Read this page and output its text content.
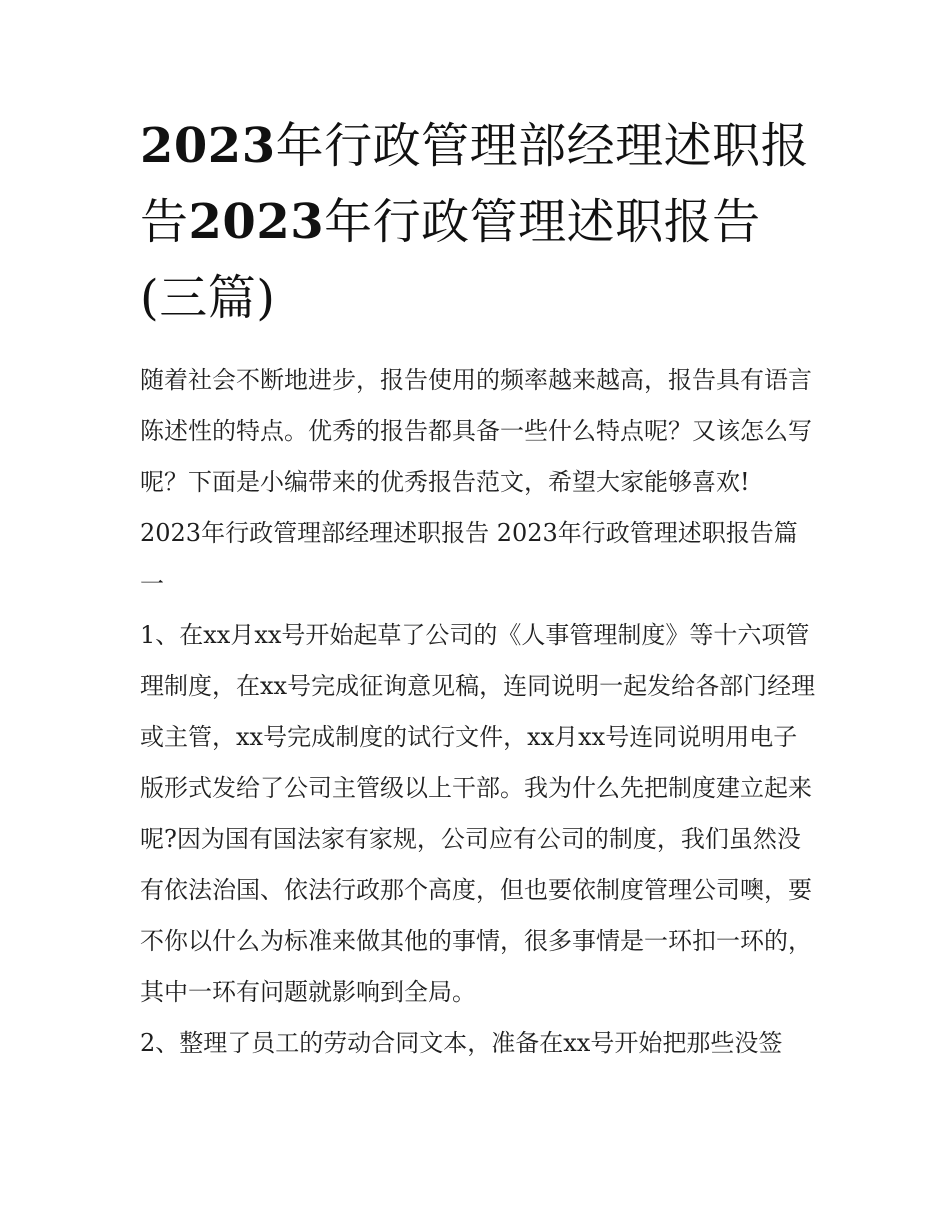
2023年行政管理部经理述职报告2023年行政管理述职报告(三篇)

随着社会不断地进步，报告使用的频率越来越高，报告具有语言陈述性的特点。优秀的报告都具备一些什么特点呢？又该怎么写呢？下面是小编带来的优秀报告范文，希望大家能够喜欢!

2023年行政管理部经理述职报告 2023年行政管理述职报告篇一

1、在xx月xx号开始起草了公司的《人事管理制度》等十六项管理制度，在xx号完成征询意见稿，连同说明一起发给各部门经理或主管，xx号完成制度的试行文件，xx月xx号连同说明用电子版形式发给了公司主管级以上干部。我为什么先把制度建立起来呢?因为国有国法家有家规，公司应有公司的制度，我们虽然没有依法治国、依法行政那个高度，但也要依制度管理公司噢，要不你以什么为标准来做其他的事情，很多事情是一环扣一环的，其中一环有问题就影响到全局。

2、整理了员工的劳动合同文本，准备在xx号开始把那些没签
